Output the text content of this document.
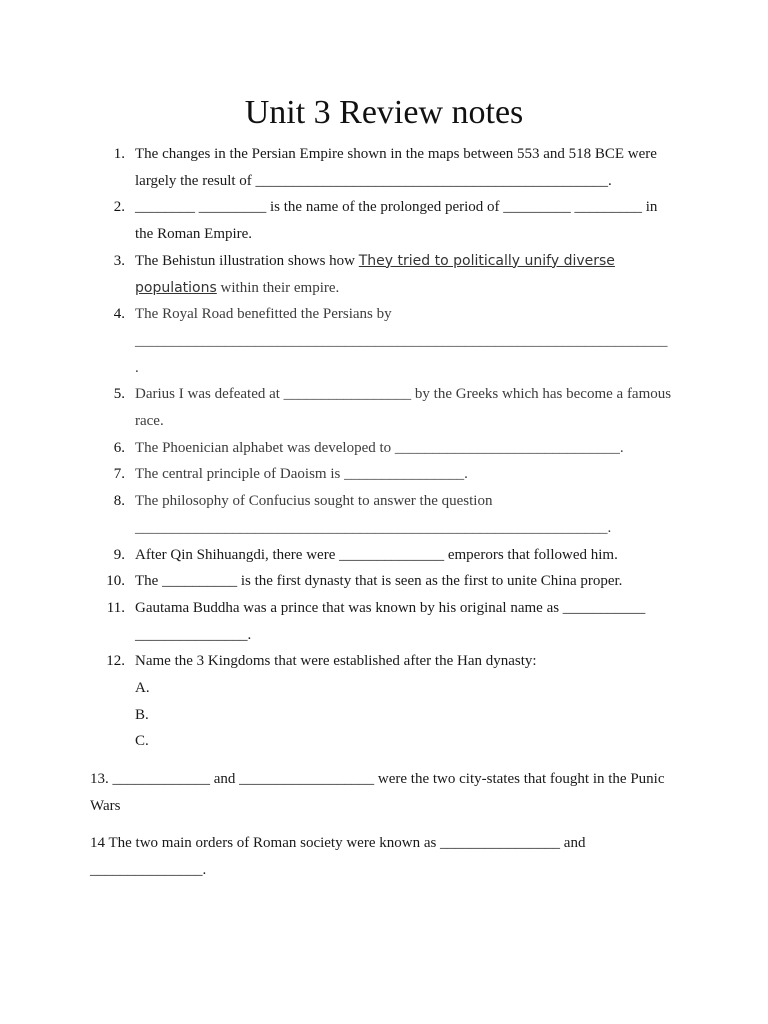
Unit 3 Review notes
1. The changes in the Persian Empire shown in the maps between 553 and 518 BCE were
largely the result of _______________________________________________.
2. ________ _________ is the name of the prolonged period of _________ _________ in
the Roman Empire.
3. The Behistun illustration shows how They tried to politically unify diverse
populations within their empire.
4. The Royal Road benefitted the Persians by
_______________________________________________________________________
.
5. Darius I was defeated at _________________ by the Greeks which has become a famous
race.
6. The Phoenician alphabet was developed to ______________________________.
7. The central principle of Daoism is ________________.
8. The philosophy of Confucius sought to answer the question
_______________________________________________________________.
9. After Qin Shihuangdi, there were ______________ emperors that followed him.
10. The __________ is the first dynasty that is seen as the first to unite China proper.
11. Gautama Buddha was a prince that was known by his original name as ___________
_______________.
12. Name the 3 Kingdoms that were established after the Han dynasty:
A.
B.
C.
13. _____________ and __________________ were the two city-states that fought in the Punic
Wars
14 The two main orders of Roman society were known as ________________ and
_______________.
